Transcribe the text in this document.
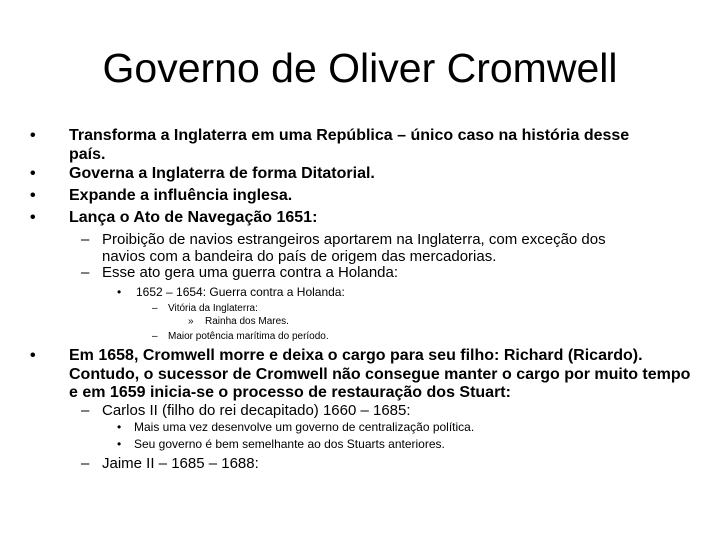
Governo de Oliver Cromwell
• Transforma a Inglaterra em uma República – único caso na história desse país.
• Governa a Inglaterra de forma Ditatorial.
• Expande a influência inglesa.
• Lança o Ato de Navegação 1651:
– Proibição de navios estrangeiros aportarem na Inglaterra, com exceção dos navios com a bandeira do país de origem das mercadorias.
– Esse ato gera uma guerra contra a Holanda:
• 1652 – 1654: Guerra contra a Holanda:
– Vitória da Inglaterra:
» Rainha dos Mares.
– Maior potência marítima do período.
• Em 1658, Cromwell morre e deixa o cargo para seu filho: Richard (Ricardo). Contudo, o sucessor de Cromwell não consegue manter o cargo por muito tempo e em 1659 inicia-se o processo de restauração dos Stuart:
– Carlos II (filho do rei decapitado) 1660 – 1685:
• Mais uma vez desenvolve um governo de centralização política.
• Seu governo é bem semelhante ao dos Stuarts anteriores.
– Jaime II – 1685 – 1688:
